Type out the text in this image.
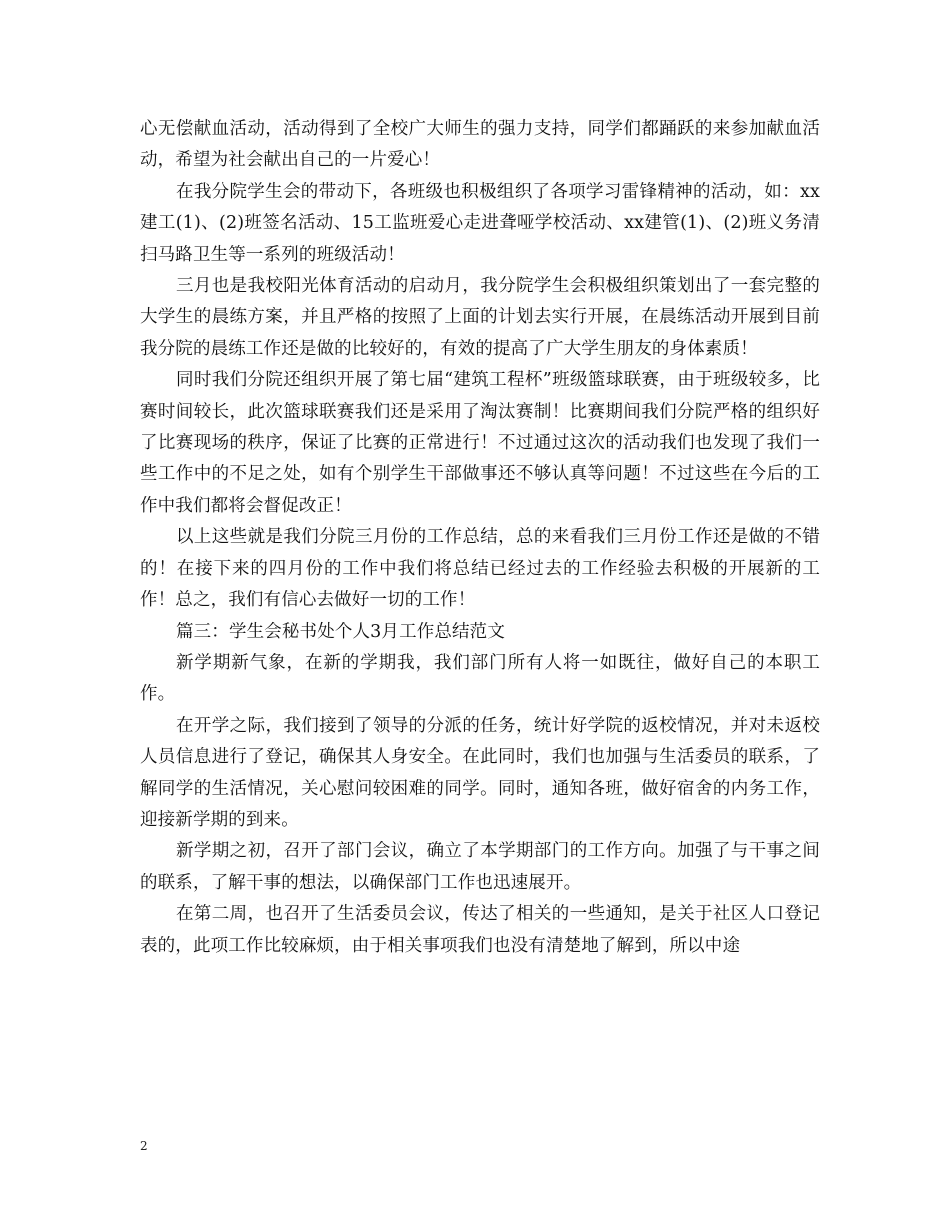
心无偿献血活动，活动得到了全校广大师生的强力支持，同学们都踊跃的来参加献血活动，希望为社会献出自己的一片爱心！

在我分院学生会的带动下，各班级也积极组织了各项学习雷锋精神的活动，如：xx建工(1)、(2)班签名活动、15工监班爱心走进聋哑学校活动、xx建管(1)、(2)班义务清扫马路卫生等一系列的班级活动！

三月也是我校阳光体育活动的启动月，我分院学生会积极组织策划出了一套完整的大学生的晨练方案，并且严格的按照了上面的计划去实行开展，在晨练活动开展到目前我分院的晨练工作还是做的比较好的，有效的提高了广大学生朋友的身体素质！

同时我们分院还组织开展了第七届“建筑工程杯”班级篮球联赛，由于班级较多，比赛时间较长，此次篮球联赛我们还是采用了淘汰赛制！比赛期间我们分院严格的组织好了比赛现场的秩序，保证了比赛的正常进行！不过通过这次的活动我们也发现了我们一些工作中的不足之处，如有个别学生干部做事还不够认真等问题！不过这些在今后的工作中我们都将会督促改正！

以上这些就是我们分院三月份的工作总结，总的来看我们三月份工作还是做的不错的！在接下来的四月份的工作中我们将总结已经过去的工作经验去积极的开展新的工作！总之，我们有信心去做好一切的工作！

篇三：学生会秘书处个人3月工作总结范文

新学期新气象，在新的学期我，我们部门所有人将一如既往，做好自己的本职工作。

在开学之际，我们接到了领导的分派的任务，统计好学院的返校情况，并对未返校人员信息进行了登记，确保其人身安全。在此同时，我们也加强与生活委员的联系，了解同学的生活情况，关心慰问较困难的同学。同时，通知各班，做好宿舍的内务工作，迎接新学期的到来。

新学期之初，召开了部门会议，确立了本学期部门的工作方向。加强了与干事之间的联系，了解干事的想法，以确保部门工作也迅速展开。

在第二周，也召开了生活委员会议，传达了相关的一些通知，是关于社区人口登记表的，此项工作比较麻烦，由于相关事项我们也没有清楚地了解到，所以中途

2
